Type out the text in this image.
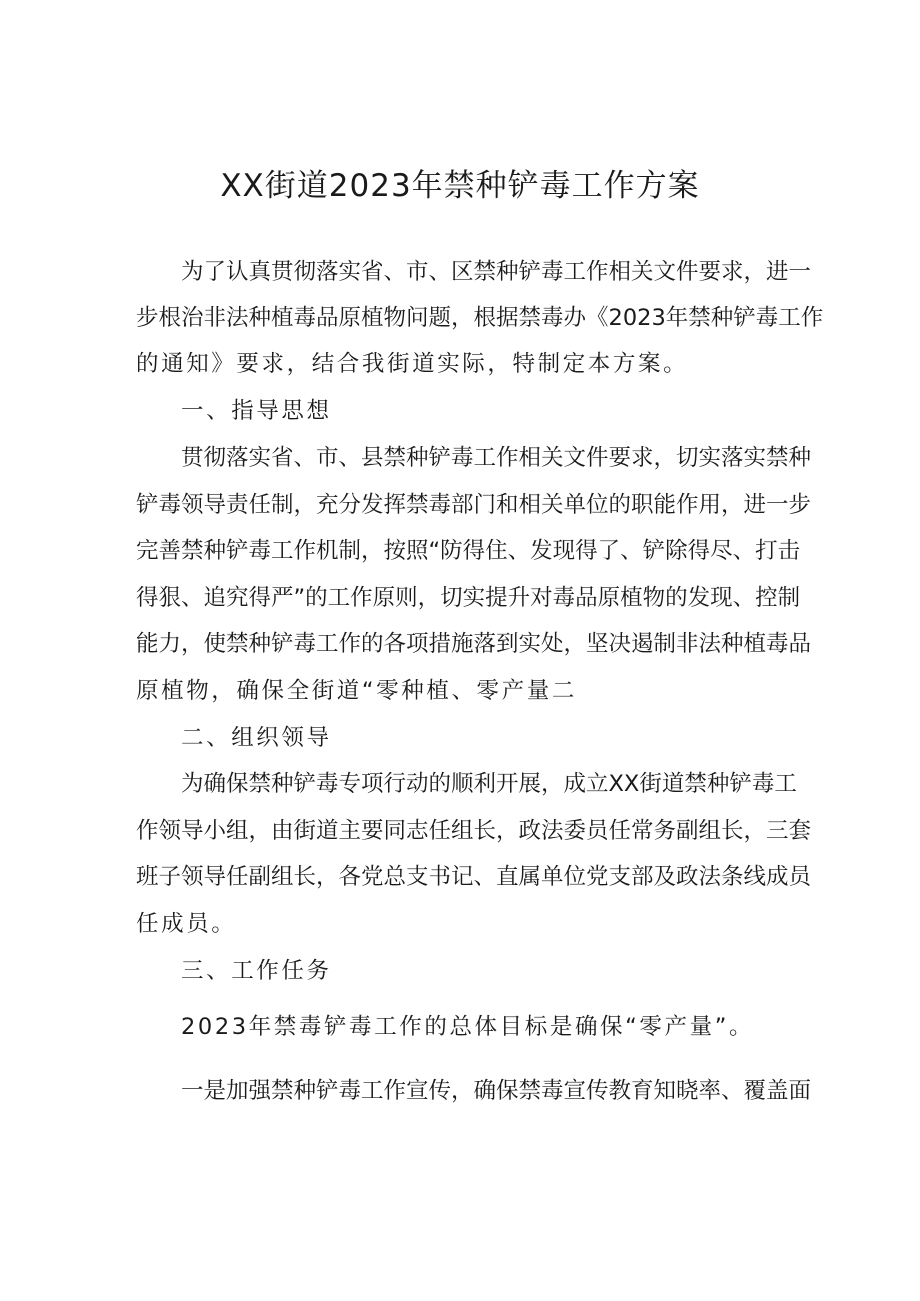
XX街道2023年禁种铲毒工作方案
为了认真贯彻落实省、市、区禁种铲毒工作相关文件要求，进一
步根治非法种植毒品原植物问题，根据禁毒办《2023年禁种铲毒工作
的通知》要求，结合我街道实际，特制定本方案。
一、指导思想
贯彻落实省、市、县禁种铲毒工作相关文件要求，切实落实禁种
铲毒领导责任制，充分发挥禁毒部门和相关单位的职能作用，进一步
完善禁种铲毒工作机制，按照“防得住、发现得了、铲除得尽、打击
得狠、追究得严”的工作原则，切实提升对毒品原植物的发现、控制
能力，使禁种铲毒工作的各项措施落到实处，坚决遏制非法种植毒品
原植物，确保全街道“零种植、零产量二
二、组织领导
为确保禁种铲毒专项行动的顺利开展，成立XX街道禁种铲毒工
作领导小组，由街道主要同志任组长，政法委员任常务副组长，三套
班子领导任副组长，各党总支书记、直属单位党支部及政法条线成员
任成员。
三、工作任务
2023年禁毒铲毒工作的总体目标是确保“零产量”。
一是加强禁种铲毒工作宣传，确保禁毒宣传教育知晓率、覆盖面
